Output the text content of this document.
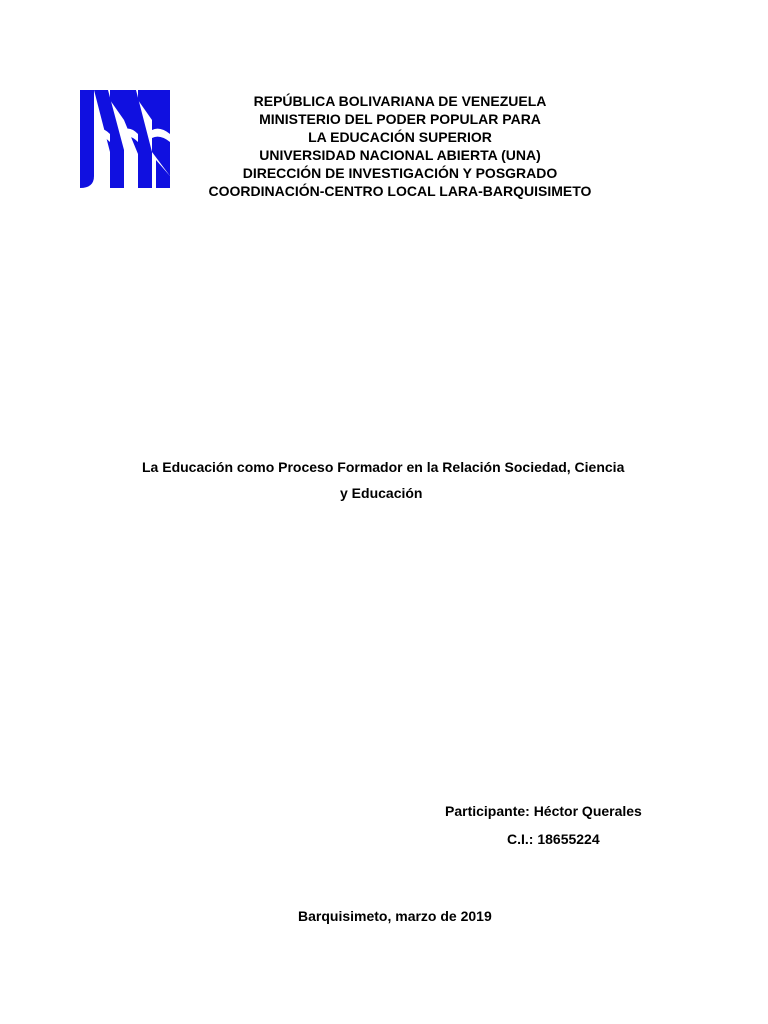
REPÚBLICA BOLIVARIANA DE VENEZUELA
MINISTERIO DEL PODER POPULAR PARA
LA EDUCACIÓN SUPERIOR
UNIVERSIDAD NACIONAL ABIERTA (UNA)
DIRECCIÓN DE INVESTIGACIÓN Y POSGRADO
COORDINACIÓN-CENTRO LOCAL LARA-BARQUISIMETO
La Educación como Proceso Formador en la Relación Sociedad, Ciencia
y Educación
Participante: Héctor Querales
C.I.: 18655224
Barquisimeto, marzo de 2019
